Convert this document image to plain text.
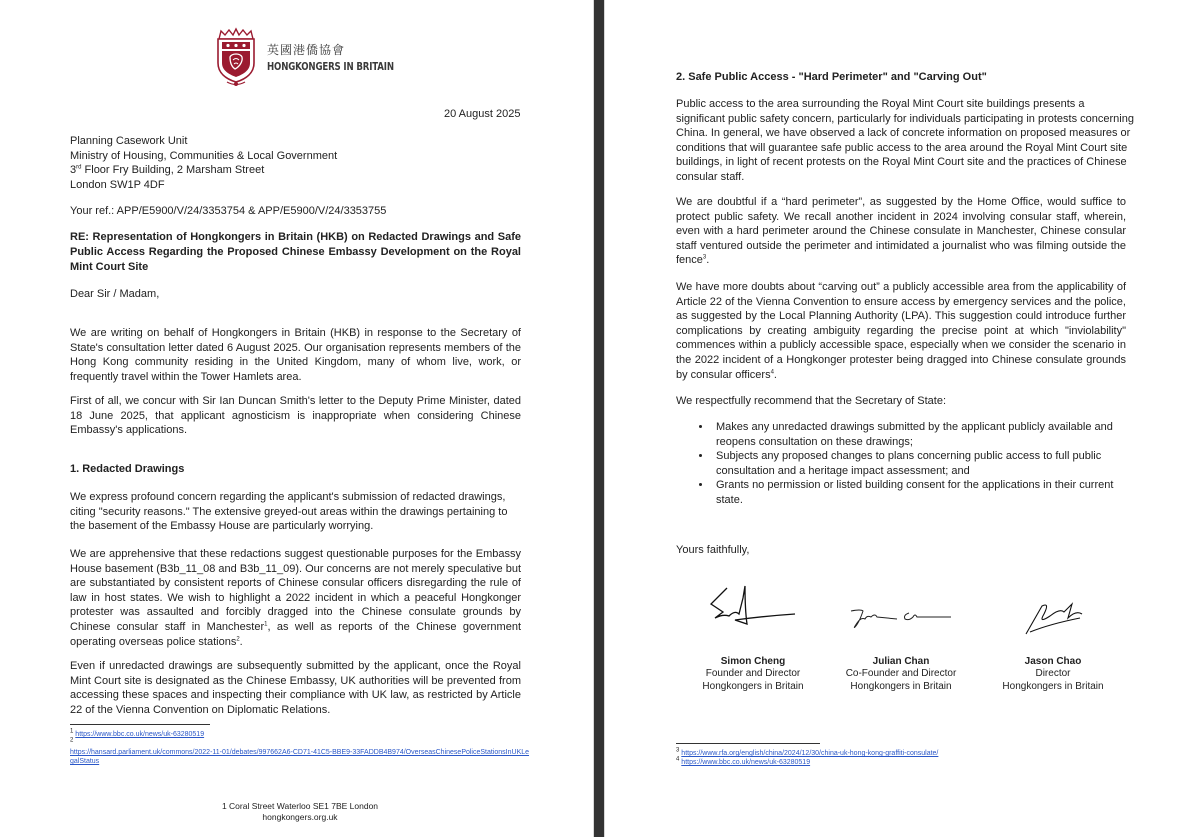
英國港僑協會
HONGKONGERS IN BRITAIN
20 August 2025
Planning Casework Unit
Ministry of Housing, Communities & Local Government
3rd Floor Fry Building, 2 Marsham Street
London SW1P 4DF
Your ref.: APP/E5900/V/24/3353754 & APP/E5900/V/24/3353755
RE: Representation of Hongkongers in Britain (HKB) on Redacted Drawings and Safe Public Access Regarding the Proposed Chinese Embassy Development on the Royal Mint Court Site
Dear Sir / Madam,
We are writing on behalf of Hongkongers in Britain (HKB) in response to the Secretary of State's consultation letter dated 6 August 2025. Our organisation represents members of the Hong Kong community residing in the United Kingdom, many of whom live, work, or frequently travel within the Tower Hamlets area.
First of all, we concur with Sir Ian Duncan Smith's letter to the Deputy Prime Minister, dated 18 June 2025, that applicant agnosticism is inappropriate when considering Chinese Embassy's applications.
1. Redacted Drawings
We express profound concern regarding the applicant's submission of redacted drawings, citing "security reasons." The extensive greyed-out areas within the drawings pertaining to the basement of the Embassy House are particularly worrying.
We are apprehensive that these redactions suggest questionable purposes for the Embassy House basement (B3b_11_08 and B3b_11_09). Our concerns are not merely speculative but are substantiated by consistent reports of Chinese consular officers disregarding the rule of law in host states. We wish to highlight a 2022 incident in which a peaceful Hongkonger protester was assaulted and forcibly dragged into the Chinese consulate grounds by Chinese consular staff in Manchester$^1$, as well as reports of the Chinese government operating overseas police stations$^2$.
Even if unredacted drawings are subsequently submitted by the applicant, once the Royal Mint Court site is designated as the Chinese Embassy, UK authorities will be prevented from accessing these spaces and inspecting their compliance with UK law, as restricted by Article 22 of the Vienna Convention on Diplomatic Relations.
$^1$ https://www.bbc.co.uk/news/uk-63280519
$^2$
https://hansard.parliament.uk/commons/2022-11-01/debates/997662A6-CD71-41C5-BBE9-33FADDB4B974/OverseasChinesePoliceStationsInUKLegalStatus
1 Coral Street Waterloo SE1 7BE London
hongkongers.org.uk
2. Safe Public Access - "Hard Perimeter" and "Carving Out"
Public access to the area surrounding the Royal Mint Court site buildings presents a significant public safety concern, particularly for individuals participating in protests concerning China. In general, we have observed a lack of concrete information on proposed measures or conditions that will guarantee safe public access to the area around the Royal Mint Court site buildings, in light of recent protests on the Royal Mint Court site and the practices of Chinese consular staff.
We are doubtful if a “hard perimeter”, as suggested by the Home Office, would suffice to protect public safety. We recall another incident in 2024 involving consular staff, wherein, even with a hard perimeter around the Chinese consulate in Manchester, Chinese consular staff ventured outside the perimeter and intimidated a journalist who was filming outside the fence$^3$.
We have more doubts about “carving out” a publicly accessible area from the applicability of Article 22 of the Vienna Convention to ensure access by emergency services and the police, as suggested by the Local Planning Authority (LPA). This suggestion could introduce further complications by creating ambiguity regarding the precise point at which "inviolability" commences within a publicly accessible space, especially when we consider the scenario in the 2022 incident of a Hongkonger protester being dragged into Chinese consulate grounds by consular officers$^4$.
We respectfully recommend that the Secretary of State:
• Makes any unredacted drawings submitted by the applicant publicly available and reopens consultation on these drawings;
• Subjects any proposed changes to plans concerning public access to full public consultation and a heritage impact assessment; and
• Grants no permission or listed building consent for the applications in their current state.
Yours faithfully,
Simon Cheng
Founder and Director
Hongkongers in Britain
Julian Chan
Co-Founder and Director
Hongkongers in Britain
Jason Chao
Director
Hongkongers in Britain
$^3$ https://www.rfa.org/english/china/2024/12/30/china-uk-hong-kong-graffiti-consulate/
$^4$ https://www.bbc.co.uk/news/uk-63280519
